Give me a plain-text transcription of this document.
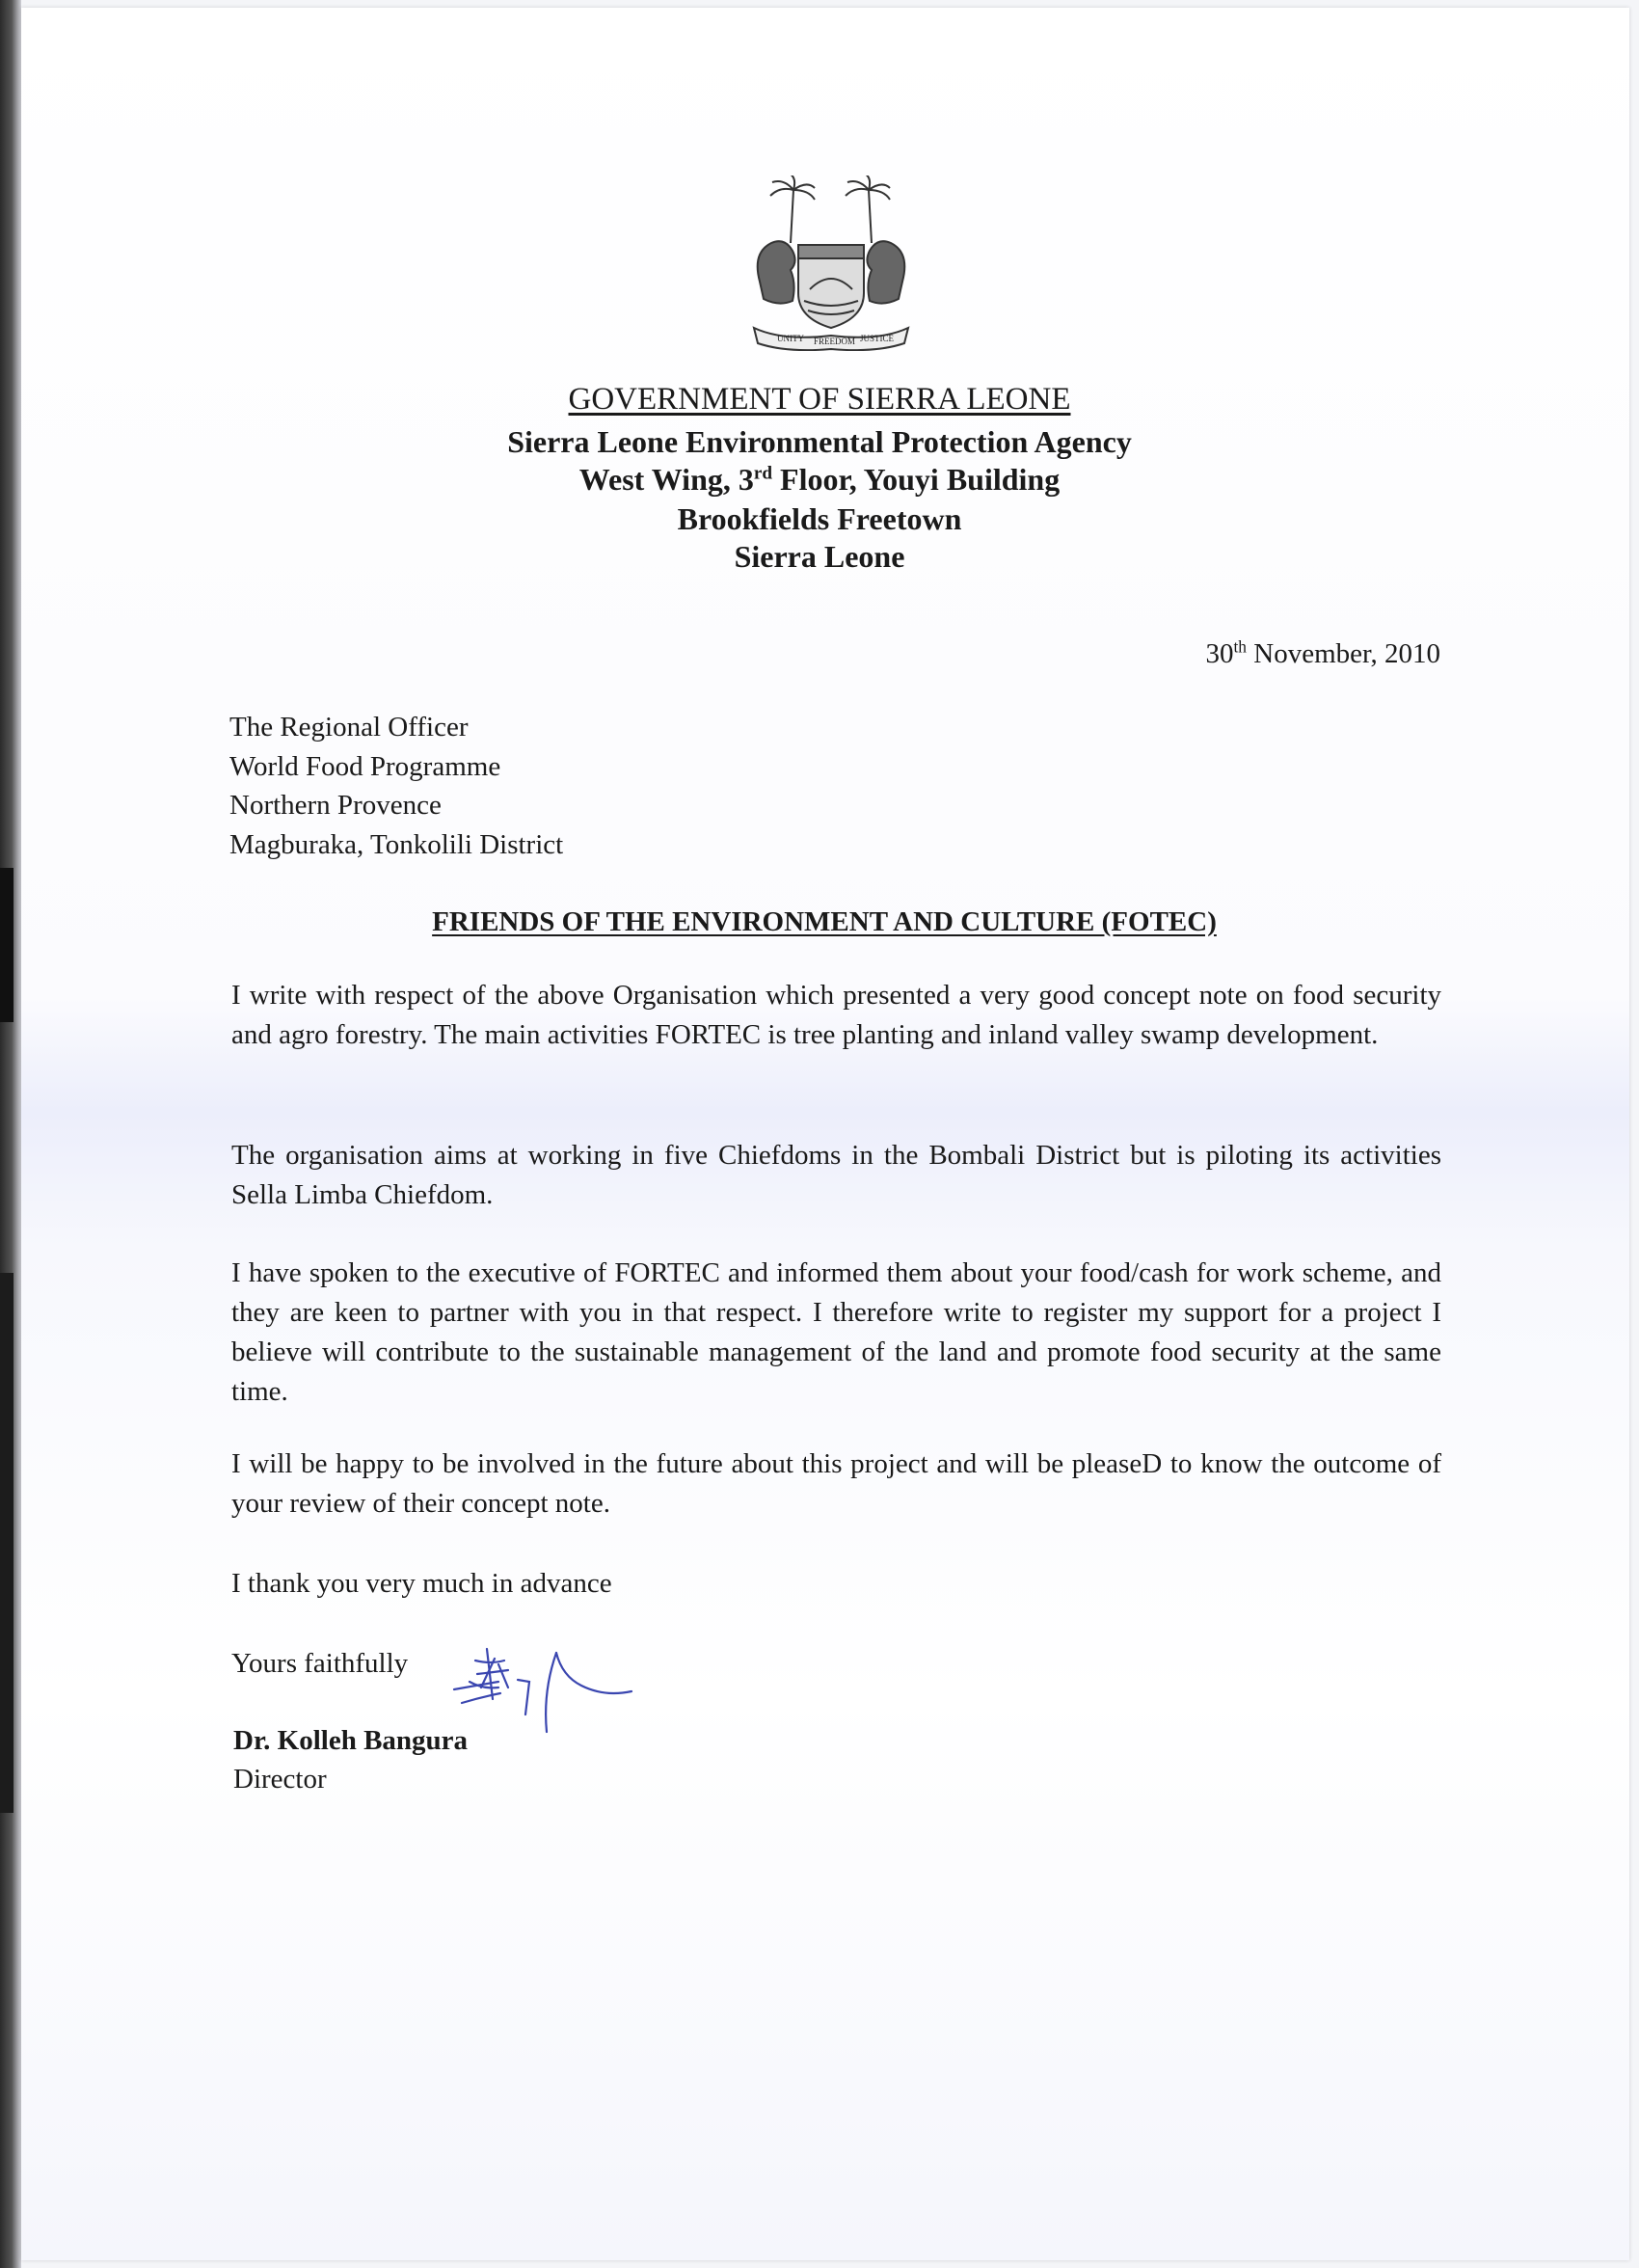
UNITY FREEDOM JUSTICE
GOVERNMENT OF SIERRA LEONE
Sierra Leone Environmental Protection Agency
West Wing, 3rd Floor, Youyi Building
Brookfields Freetown
Sierra Leone
30th November, 2010
The Regional Officer
World Food Programme
Northern Provence
Magburaka, Tonkolili District
FRIENDS OF THE ENVIRONMENT AND CULTURE (FOTEC)

I write with respect of the above Organisation which presented a very good concept note on food security and agro forestry. The main activities FORTEC is tree planting and inland valley swamp development.

The organisation aims at working in five Chiefdoms in the Bombali District but is piloting its activities Sella Limba Chiefdom.

I have spoken to the executive of FORTEC and informed them about your food/cash for work scheme, and they are keen to partner with you in that respect. I therefore write to register my support for a project I believe will contribute to the sustainable management of the land and promote food security at the same time.

I will be happy to be involved in the future about this project and will be pleaseD to know the outcome of your review of their concept note.

I thank you very much in advance
Yours faithfully
Dr. Kolleh Bangura
Director
